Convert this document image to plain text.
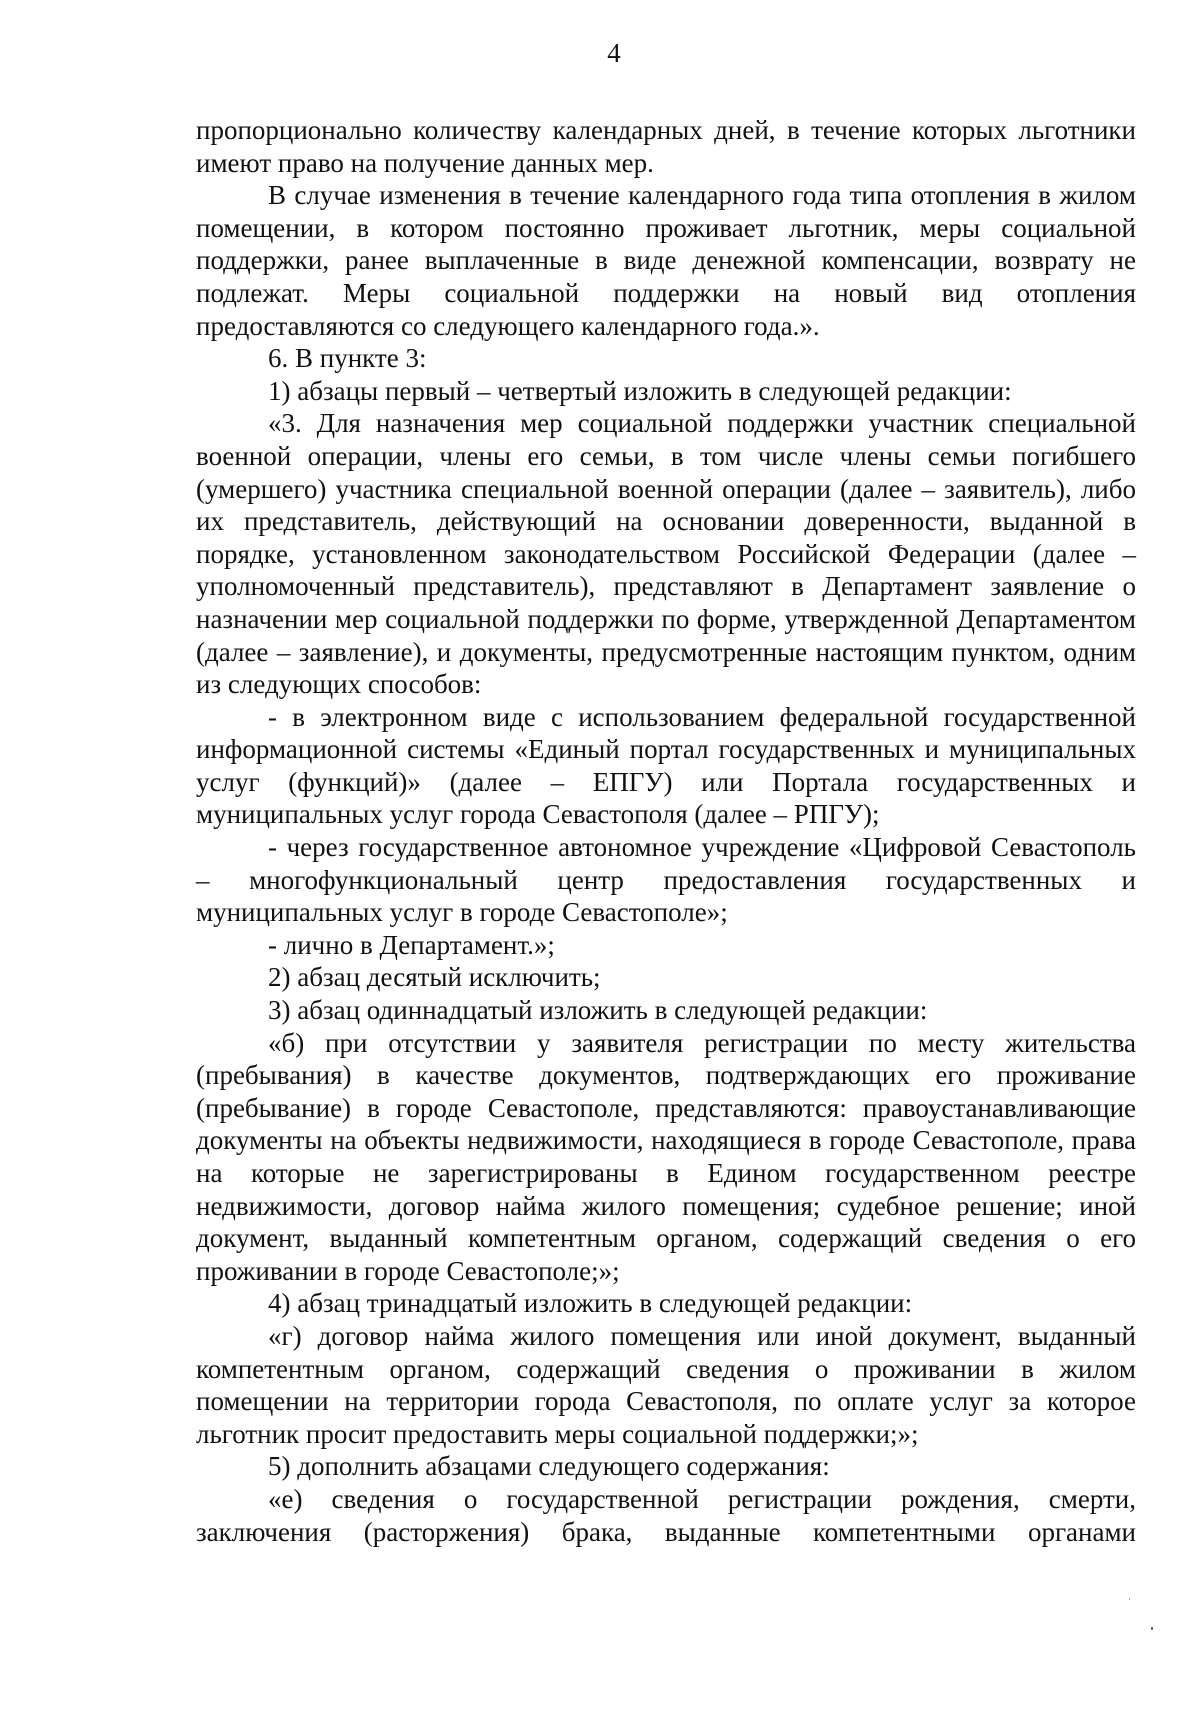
4

пропорционально количеству календарных дней, в течение которых льготники имеют право на получение данных мер.

В случае изменения в течение календарного года типа отопления в жилом помещении, в котором постоянно проживает льготник, меры социальной поддержки, ранее выплаченные в виде денежной компенсации, возврату не подлежат. Меры социальной поддержки на новый вид отопления предоставляются со следующего календарного года.».

6. В пункте 3:

1) абзацы первый – четвертый изложить в следующей редакции:

«3. Для назначения мер социальной поддержки участник специальной военной операции, члены его семьи, в том числе члены семьи погибшего (умершего) участника специальной военной операции (далее – заявитель), либо их представитель, действующий на основании доверенности, выданной в порядке, установленном законодательством Российской Федерации (далее – уполномоченный представитель), представляют в Департамент заявление о назначении мер социальной поддержки по форме, утвержденной Департаментом (далее – заявление), и документы, предусмотренные настоящим пунктом, одним из следующих способов:

- в электронном виде с использованием федеральной государственной информационной системы «Единый портал государственных и муниципальных услуг (функций)» (далее – ЕПГУ) или Портала государственных и муниципальных услуг города Севастополя (далее – РПГУ);

- через государственное автономное учреждение «Цифровой Севастополь – многофункциональный центр предоставления государственных и муниципальных услуг в городе Севастополе»;

- лично в Департамент.»;

2) абзац десятый исключить;

3) абзац одиннадцатый изложить в следующей редакции:

«б) при отсутствии у заявителя регистрации по месту жительства (пребывания) в качестве документов, подтверждающих его проживание (пребывание) в городе Севастополе, представляются: правоустанавливающие документы на объекты недвижимости, находящиеся в городе Севастополе, права на которые не зарегистрированы в Едином государственном реестре недвижимости, договор найма жилого помещения; судебное решение; иной документ, выданный компетентным органом, содержащий сведения о его проживании в городе Севастополе;»;

4) абзац тринадцатый изложить в следующей редакции:

«г) договор найма жилого помещения или иной документ, выданный компетентным органом, содержащий сведения о проживании в жилом помещении на территории города Севастополя, по оплате услуг за которое льготник просит предоставить меры социальной поддержки;»;

5) дополнить абзацами следующего содержания:

«е) сведения о государственной регистрации рождения, смерти, заключения (расторжения) брака, выданные компетентными органами
